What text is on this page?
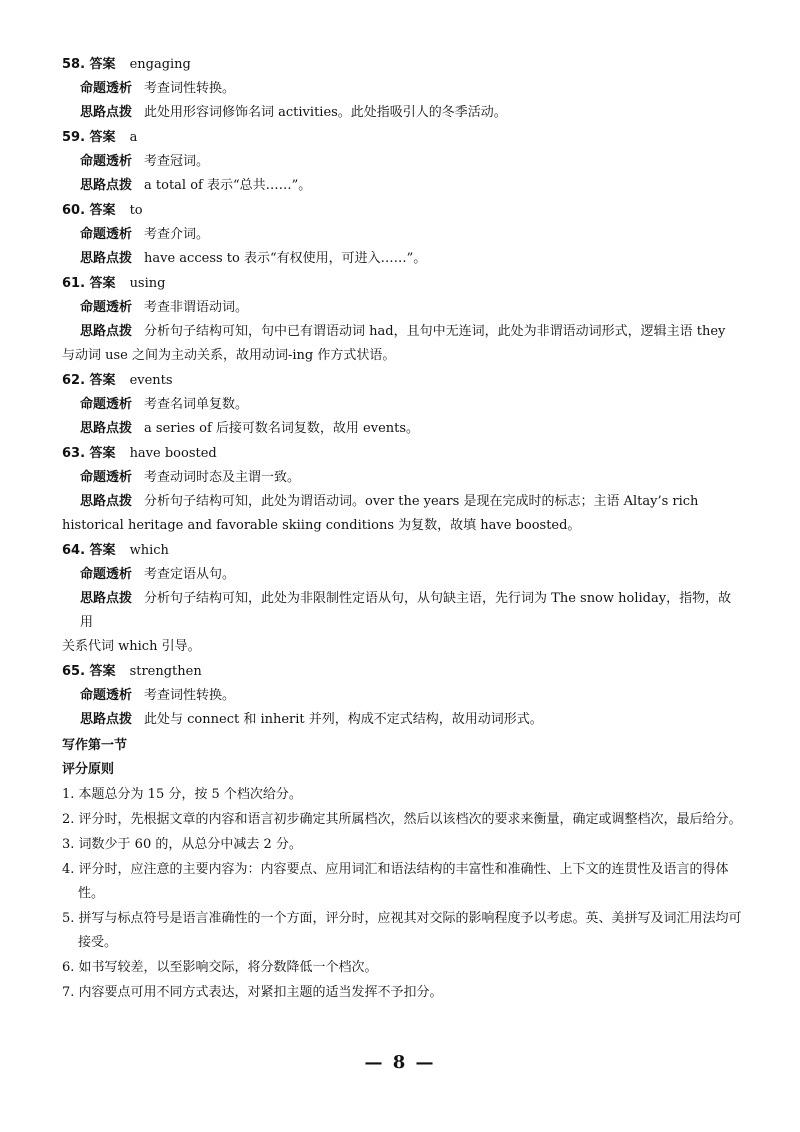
58. 答案 engaging
命题透析 考查词性转换。
思路点拨 此处用形容词修饰名词 activities。此处指吸引人的冬季活动。
59. 答案 a
命题透析 考查冠词。
思路点拨 a total of 表示“总共……”。
60. 答案 to
命题透析 考查介词。
思路点拨 have access to 表示“有权使用，可进入……”。
61. 答案 using
命题透析 考查非谓语动词。
思路点拨 分析句子结构可知，句中已有谓语动词 had，且句中无连词，此处为非谓语动词形式，逻辑主语 they
与动词 use 之间为主动关系，故用动词-ing 作方式状语。
62. 答案 events
命题透析 考查名词单复数。
思路点拨 a series of 后接可数名词复数，故用 events。
63. 答案 have boosted
命题透析 考查动词时态及主谓一致。
思路点拨 分析句子结构可知，此处为谓语动词。over the years 是现在完成时的标志；主语 Altay’s rich
historical heritage and favorable skiing conditions 为复数，故填 have boosted。
64. 答案 which
命题透析 考查定语从句。
思路点拨 分析句子结构可知，此处为非限制性定语从句，从句缺主语，先行词为 The snow holiday，指物，故用
关系代词 which 引导。
65. 答案 strengthen
命题透析 考查词性转换。
思路点拨 此处与 connect 和 inherit 并列，构成不定式结构，故用动词形式。
写作第一节
评分原则
1. 本题总分为 15 分，按 5 个档次给分。
2. 评分时，先根据文章的内容和语言初步确定其所属档次，然后以该档次的要求来衡量，确定或调整档次，最后给分。
3. 词数少于 60 的，从总分中减去 2 分。
4. 评分时，应注意的主要内容为：内容要点、应用词汇和语法结构的丰富性和准确性、上下文的连贯性及语言的得体性。
5. 拼写与标点符号是语言准确性的一个方面，评分时，应视其对交际的影响程度予以考虑。英、美拼写及词汇用法均可接受。
6. 如书写较差，以至影响交际，将分数降低一个档次。
7. 内容要点可用不同方式表达，对紧扣主题的适当发挥不予扣分。
— 8 —
